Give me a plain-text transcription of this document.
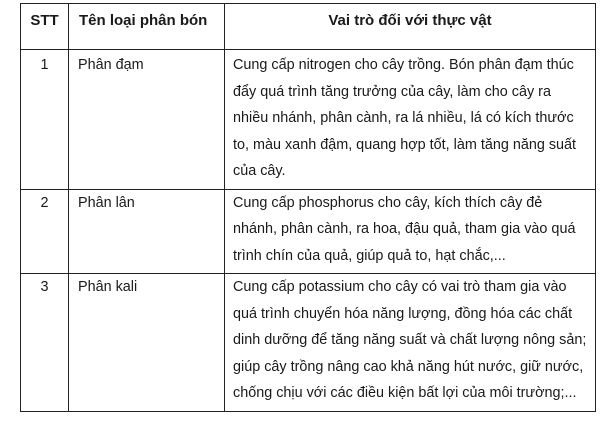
STT	Tên loại phân bón	Vai trò đối với thực vật
1	Phân đạm	Cung cấp nitrogen cho cây trồng. Bón phân đạm thúc đẩy quá trình tăng trưởng của cây, làm cho cây ra nhiều nhánh, phân cành, ra lá nhiều, lá có kích thước to, màu xanh đậm, quang hợp tốt, làm tăng năng suất của cây.
2	Phân lân	Cung cấp phosphorus cho cây, kích thích cây đẻ nhánh, phân cành, ra hoa, đậu quả, tham gia vào quá trình chín của quả, giúp quả to, hạt chắc,...
3	Phân kali	Cung cấp potassium cho cây có vai trò tham gia vào quá trình chuyển hóa năng lượng, đồng hóa các chất dinh dưỡng để tăng năng suất và chất lượng nông sản; giúp cây trồng nâng cao khả năng hút nước, giữ nước, chống chịu với các điều kiện bất lợi của môi trường;...
